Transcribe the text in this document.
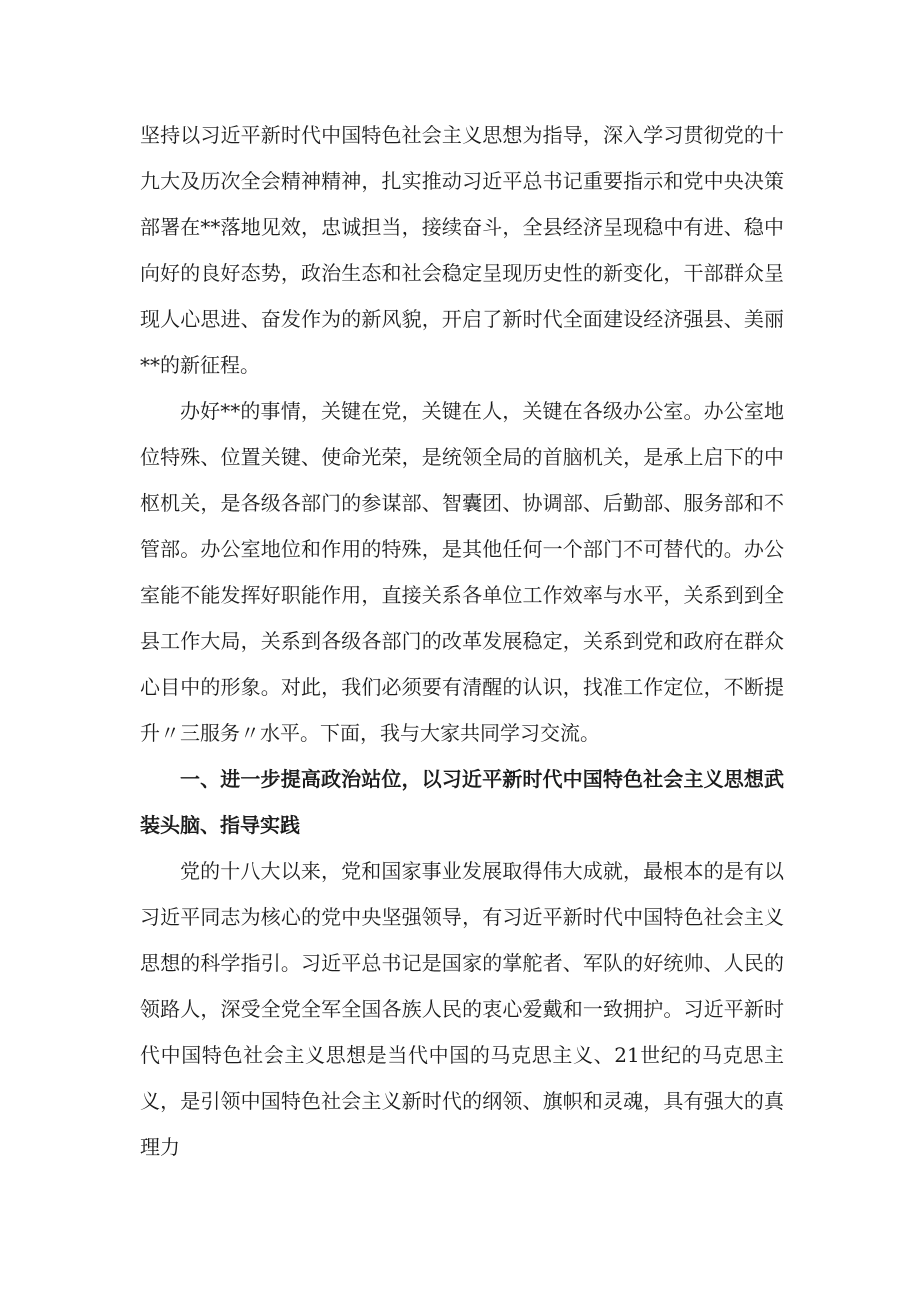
坚持以习近平新时代中国特色社会主义思想为指导，深入学习贯彻党的十九大及历次全会精神精神，扎实推动习近平总书记重要指示和党中央决策部署在**落地见效，忠诚担当，接续奋斗，全县经济呈现稳中有进、稳中向好的良好态势，政治生态和社会稳定呈现历史性的新变化，干部群众呈现人心思进、奋发作为的新风貌，开启了新时代全面建设经济强县、美丽**的新征程。

办好**的事情，关键在党，关键在人，关键在各级办公室。办公室地位特殊、位置关键、使命光荣，是统领全局的首脑机关，是承上启下的中枢机关，是各级各部门的参谋部、智囊团、协调部、后勤部、服务部和不管部。办公室地位和作用的特殊，是其他任何一个部门不可替代的。办公室能不能发挥好职能作用，直接关系各单位工作效率与水平，关系到到全县工作大局，关系到各级各部门的改革发展稳定，关系到党和政府在群众心目中的形象。对此，我们必须要有清醒的认识，找准工作定位，不断提升〃三服务〃水平。下面，我与大家共同学习交流。

一、进一步提高政治站位，以习近平新时代中国特色社会主义思想武装头脑、指导实践

党的十八大以来，党和国家事业发展取得伟大成就，最根本的是有以习近平同志为核心的党中央坚强领导，有习近平新时代中国特色社会主义思想的科学指引。习近平总书记是国家的掌舵者、军队的好统帅、人民的领路人，深受全党全军全国各族人民的衷心爱戴和一致拥护。习近平新时代中国特色社会主义思想是当代中国的马克思主义、21世纪的马克思主义，是引领中国特色社会主义新时代的纲领、旗帜和灵魂，具有强大的真理力
